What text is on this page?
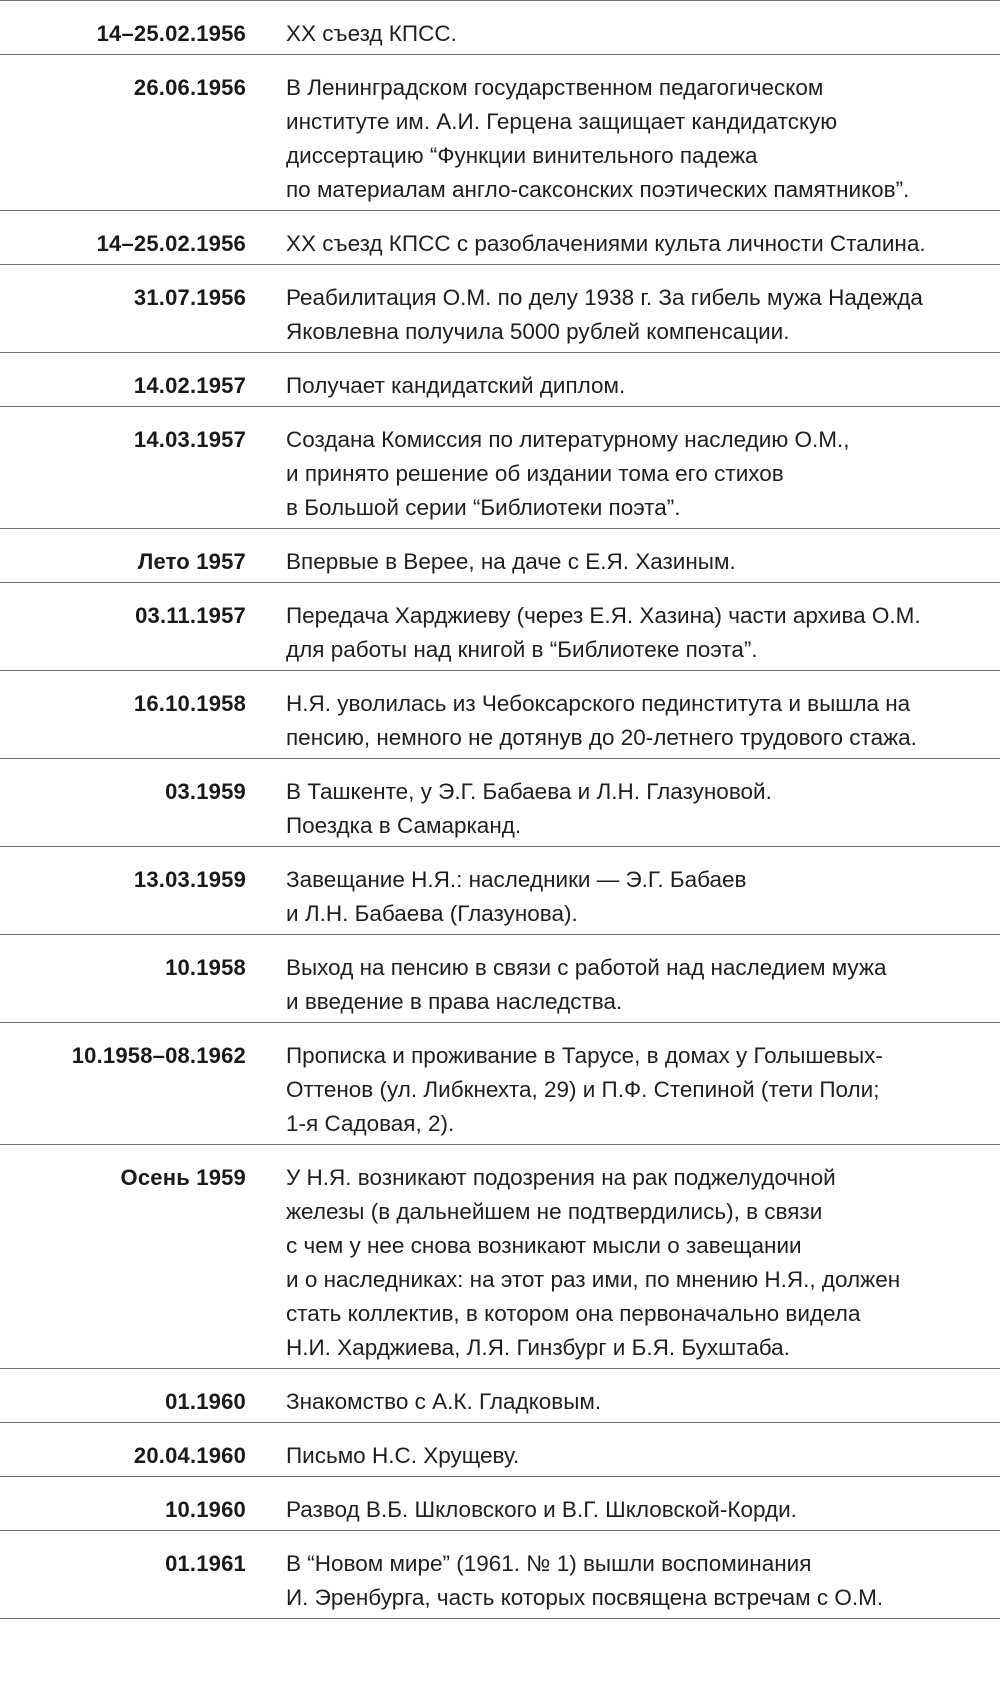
14–25.02.1956 XX съезд КПСС.
26.06.1956 В Ленинградском государственном педагогическом
институте им. А.И. Герцена защищает кандидатскую
диссертацию “Функции винительного падежа
по материалам англо-саксонских поэтических памятников”.
14–25.02.1956 XX съезд КПСС с разоблачениями культа личности Сталина.
31.07.1956 Реабилитация О.М. по делу 1938 г. За гибель мужа Надежда
Яковлевна получила 5000 рублей компенсации.
14.02.1957 Получает кандидатский диплом.
14.03.1957 Создана Комиссия по литературному наследию О.М.,
и принято решение об издании тома его стихов
в Большой серии “Библиотеки поэта”.
Лето 1957 Впервые в Верее, на даче с Е.Я. Хазиным.
03.11.1957 Передача Харджиеву (через Е.Я. Хазина) части архива О.М.
для работы над книгой в “Библиотеке поэта”.
16.10.1958 Н.Я. уволилась из Чебоксарского пединститута и вышла на
пенсию, немного не дотянув до 20-летнего трудового стажа.
03.1959 В Ташкенте, у Э.Г. Бабаева и Л.Н. Глазуновой.
Поездка в Самарканд.
13.03.1959 Завещание Н.Я.: наследники — Э.Г. Бабаев
и Л.Н. Бабаева (Глазунова).
10.1958 Выход на пенсию в связи с работой над наследием мужа
и введение в права наследства.
10.1958–08.1962 Прописка и проживание в Тарусе, в домах у Голышевых-
Оттенов (ул. Либкнехта, 29) и П.Ф. Степиной (тети Поли;
1-я Садовая, 2).
Осень 1959 У Н.Я. возникают подозрения на рак поджелудочной
железы (в дальнейшем не подтвердились), в связи
с чем у нее снова возникают мысли о завещании
и о наследниках: на этот раз ими, по мнению Н.Я., должен
стать коллектив, в котором она первоначально видела
Н.И. Харджиева, Л.Я. Гинзбург и Б.Я. Бухштаба.
01.1960 Знакомство с А.К. Гладковым.
20.04.1960 Письмо Н.С. Хрущеву.
10.1960 Развод В.Б. Шкловского и В.Г. Шкловской-Корди.
01.1961 В “Новом мире” (1961. № 1) вышли воспоминания
И. Эренбурга, часть которых посвящена встречам с О.М.
